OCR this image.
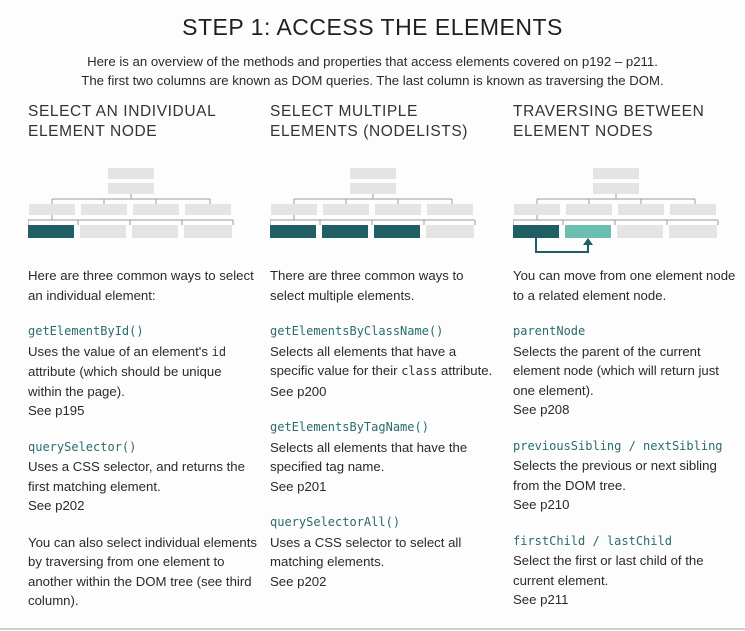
STEP 1: ACCESS THE ELEMENTS
Here is an overview of the methods and properties that access elements covered on p192 – p211.
The first two columns are known as DOM queries. The last column is known as traversing the DOM.
SELECT AN INDIVIDUAL
ELEMENT NODE
SELECT MULTIPLE
ELEMENTS (NODELISTS)
TRAVERSING BETWEEN
ELEMENT NODES
Here are three common ways to select an individual element:
getElementById()
Uses the value of an element's id attribute (which should be unique within the page).
See p195
querySelector()
Uses a CSS selector, and returns the first matching element.
See p202
You can also select individual elements by traversing from one element to another within the DOM tree (see third column).
There are three common ways to select multiple elements.
getElementsByClassName()
Selects all elements that have a specific value for their class attribute.
See p200
getElementsByTagName()
Selects all elements that have the specified tag name.
See p201
querySelectorAll()
Uses a CSS selector to select all matching elements.
See p202
You can move from one element node to a related element node.
parentNode
Selects the parent of the current element node (which will return just one element).
See p208
previousSibling / nextSibling
Selects the previous or next sibling from the DOM tree.
See p210
firstChild / lastChild
Select the first or last child of the current element.
See p211
